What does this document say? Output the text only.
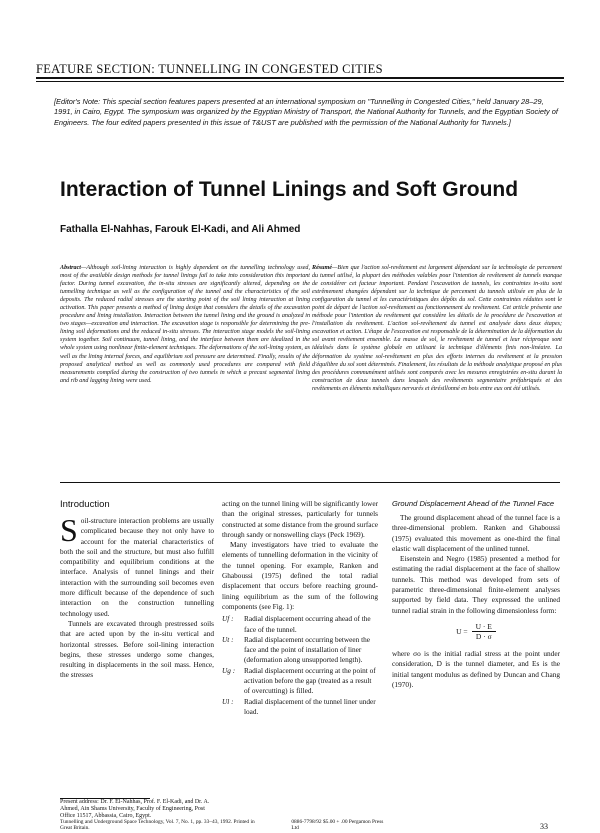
FEATURE SECTION: TUNNELLING IN CONGESTED CITIES
[Editor's Note: This special section features papers presented at an international symposium on "Tunnelling in Congested Cities," held January 28–29, 1991, in Cairo, Egypt. The symposium was organized by the Egyptian Ministry of Transport, the National Authority for Tunnels, and the Egyptian Society of Engineers. The four edited papers presented in this issue of T&UST are published with the permission of the National Authority for Tunnels.]
Interaction of Tunnel Linings and Soft Ground
Fathalla El-Nahhas, Farouk El-Kadi, and Ali Ahmed
Abstract—Although soil-lining interaction is highly dependent on the tunnelling technology used, most of the available design methods for tunnel linings fail to take into consideration this important factor. During tunnel excavation, the in-situ stresses are significantly altered, depending on the tunnelling technique as well as the configuration of the tunnel and the characteristics of the soil deposits. The reduced radial stresses are the starting point of the soil lining interaction at lining activation. This paper presents a method of lining design that considers the details of the excavation procedure and lining installation. Interaction between the tunnel lining and the ground is analyzed in two stages—excavation and interaction. The excavation stage is responsible for determining the pre-lining soil deformations and the reduced in-situ stresses. The interaction stage models the soil-lining system together. Soil continuum, tunnel lining, and the interface between them are idealized in the whole system using nonlinear finite-element techniques. The deformations of the soil-lining system, as well as the lining internal forces, and equilibrium soil pressure are determined. Finally, results of the proposed analytical method as well as commonly used procedures are compared with field measurements compiled during the construction of two tunnels in which a precast segmental lining and rib and lagging lining were used.
Résumé—Bien que l'action sol-revêtement est largement dépendant sur la technologie de percement du tunnel utilisé, la plupart des méthodes valables pour l'intention de revêtement de tunnels manque de considérer cet facteur important. Pendant l'excavation de tunnels, les contraintes in-situ sont extrêmement changées dépendant sur la technique de percement du tunnels utilisée en plus de la configuration du tunnel et les caractéristiques des dépôts du sol. Cette contraintes réduites sont le point de départ de l'action sol-revêtement au fonctionnement du revêtement. Cet article présente une méthode pour l'intention du revêtement qui considère les détails de la procédure de l'excavation et l'installation du revêtement. L'action sol-revêtement du tunnel est analysée dans deux étapes; excavation et action. L'étape de l'excavation est responsable de la détermination de la déformation du sol avant revêtement ensemble. La masse de sol, le revêtement de tunnel et leur réciproque sont idéalisés dans le système globale en utilisant la technique d'éléments finis non-linéaire. La déformation du système sol-revêtement en plus des efforts internes du revêtement et la pression d'équilibre du sol sont déterminés. Finalement, les résultats de la méthode analytique proposé en plus des procédures communément utilisés sont comparés avec les mesures enregistrées en-situ durant la construction de deux tunnels dans lesquels des revêtements segmentaire préfabriqués et des revêtements en éléments métalliques nervurés et étrésillonné en bois entre eux ont été utilisés.
Introduction

Soil-structure interaction problems are usually complicated because they not only have to account for the material characteristics of both the soil and the structure, but must also fulfill compatibility and equilibrium conditions at the interface. Analysis of tunnel linings and their interaction with the surrounding soil becomes even more difficult because of the dependence of such interaction on the construction tunnelling technology used.

Tunnels are excavated through prestressed soils that are acted upon by the in-situ vertical and horizontal stresses. Before soil-lining interaction begins, these stresses undergo some changes, resulting in displacements in the soil mass. Hence, the stresses

acting on the tunnel lining will be significantly lower than the original stresses, particularly for tunnels constructed at some distance from the ground surface through sandy or nonswelling clays (Peck 1969).

Many investigators have tried to evaluate the elements of tunnelling deformation in the vicinity of the tunnel opening. For example, Ranken and Ghaboussi (1975) defined the total radial displacement that occurs before reaching ground-lining equilibrium as the sum of the following components (see Fig. 1):

Uf :	Radial displacement occurring ahead of the face of the tunnel.
Ut :	Radial displacement occurring between the face and the point of installation of liner (deformation along unsupported length).
Ug :	Radial displacement occurring at the point of activation before the gap (treated as a result of overcutting) is filled.
Ul :	Radial displacement of the tunnel liner under load.
Ground Displacement Ahead of the Tunnel Face

The ground displacement ahead of the tunnel face is a three-dimensional problem. Ranken and Ghaboussi (1975) evaluated this movement as one-third the final elastic wall displacement of the unlined tunnel.

Eisenstein and Negro (1985) presented a method for estimating the radial displacement at the face of shallow tunnels. This method was developed from sets of parametric three-dimensional finite-element analyses supported by field data. They expressed the unlined tunnel radial strain in the following dimensionless form:

$U = \frac{U \cdot E}{D \cdot \sigma}$

where σo is the initial radial stress at the point under consideration, D is the tunnel diameter, and Es is the initial tangent modulus as defined by Duncan and Chang (1970).

Present address: Dr. F. El-Nahhas, Prof. F. El-Kadi, and Dr. A. Ahmed, Ain Shams University, Faculty of Engineering, Post Office 11517, Abbassia, Cairo, Egypt.
Tunnelling and Underground Space Technology, Vol. 7, No. 1, pp. 33–43, 1992. Printed in Great Britain. 0886-7798/92 $5.00 + .00 Pergamon Press Ltd	33
